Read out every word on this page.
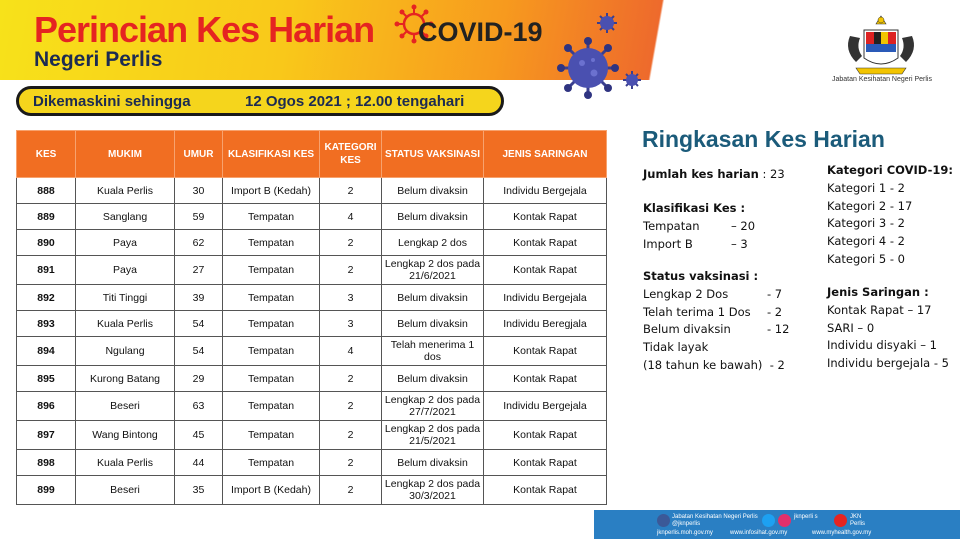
Perincian Kes Harian COVID-19
Negeri Perlis
Jabatan Kesihatan Negeri Perlis
Dikemaskini sehingga	12 Ogos 2021 ; 12.00 tengahari
KES	MUKIM	UMUR	KLASIFIKASI KES	KATEGORI KES	STATUS VAKSINASI	JENIS SARINGAN
888	Kuala Perlis	30	Import B (Kedah)	2	Belum divaksin	Individu Bergejala
889	Sanglang	59	Tempatan	4	Belum divaksin	Kontak Rapat
890	Paya	62	Tempatan	2	Lengkap 2 dos	Kontak Rapat
891	Paya	27	Tempatan	2	Lengkap 2 dos pada 21/6/2021	Kontak Rapat
892	Titi Tinggi	39	Tempatan	3	Belum divaksin	Individu Bergejala
893	Kuala Perlis	54	Tempatan	3	Belum divaksin	Individu Beregjala
894	Ngulang	54	Tempatan	4	Telah menerima 1 dos	Kontak Rapat
895	Kurong Batang	29	Tempatan	2	Belum divaksin	Kontak Rapat
896	Beseri	63	Tempatan	2	Lengkap 2 dos pada 27/7/2021	Individu Bergejala
897	Wang Bintong	45	Tempatan	2	Lengkap 2 dos pada 21/5/2021	Kontak Rapat
898	Kuala Perlis	44	Tempatan	2	Belum divaksin	Kontak Rapat
899	Beseri	35	Import B (Kedah)	2	Lengkap 2 dos pada 30/3/2021	Kontak Rapat
Ringkasan Kes Harian
Jumlah kes harian : 23
Klasifikasi Kes :
Tempatan	– 20
Import B	– 3
Status vaksinasi :
Lengkap 2 Dos	- 7
Telah terima 1 Dos - 2
Belum divaksin	- 12
Tidak layak
(18 tahun ke bawah) - 2
Kategori COVID-19:
Kategori 1 - 2
Kategori 2 - 17
Kategori 3 - 2
Kategori 4 - 2
Kategori 5 - 0
Jenis Saringan :
Kontak Rapat – 17
SARI – 0
Individu disyaki – 1
Individu bergejala - 5
Jabatan Kesihatan Negeri Perlis
@jknperlis
jknperli s	JKN
Perlis
jknperlis.moh.gov.my	www.infosihat.gov.my	www.myhealth.gov.my
